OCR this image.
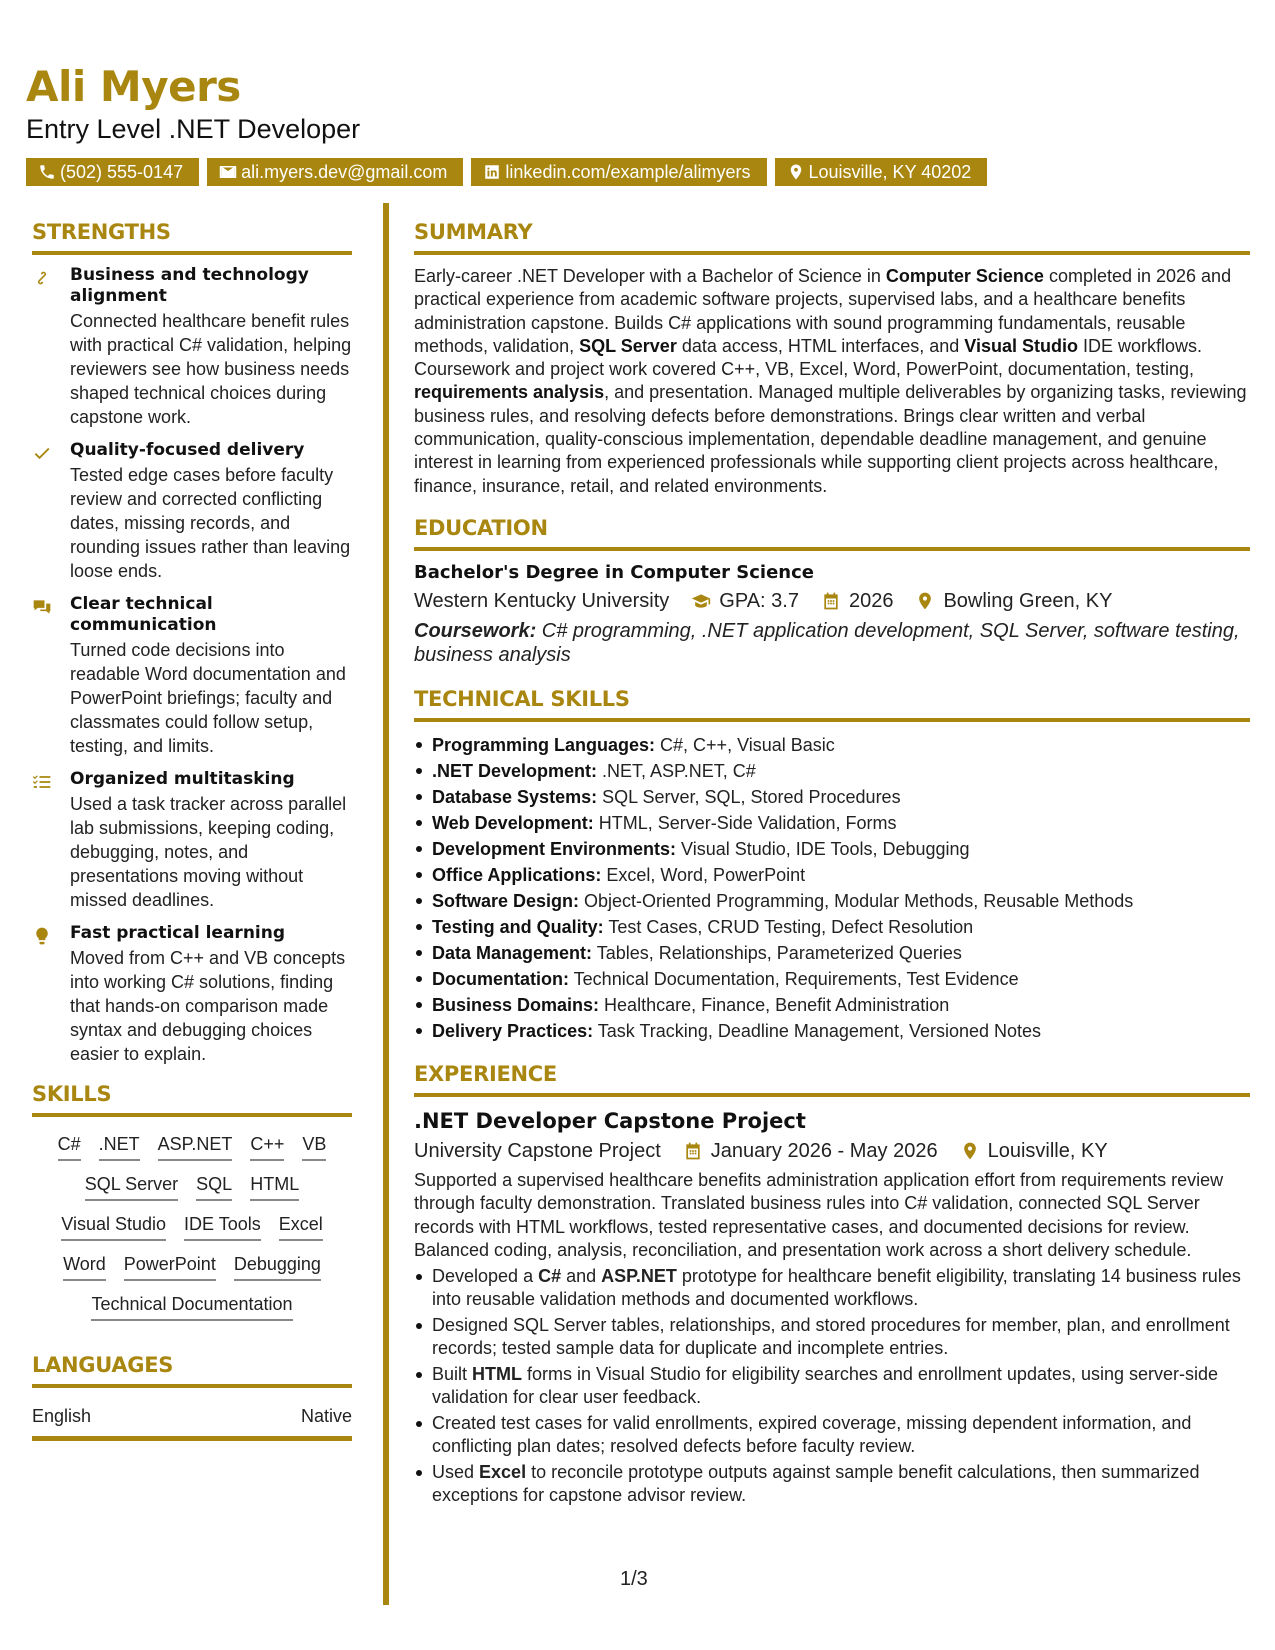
Ali Myers
Entry Level .NET Developer
(502) 555-0147	ali.myers.dev@gmail.com	linkedin.com/example/alimyers	Louisville, KY 40202
STRENGTHS
Business and technology alignment
Connected healthcare benefit rules with practical C# validation, helping reviewers see how business needs shaped technical choices during capstone work.
Quality-focused delivery
Tested edge cases before faculty review and corrected conflicting dates, missing records, and rounding issues rather than leaving loose ends.
Clear technical communication
Turned code decisions into readable Word documentation and PowerPoint briefings; faculty and classmates could follow setup, testing, and limits.
Organized multitasking
Used a task tracker across parallel lab submissions, keeping coding, debugging, notes, and presentations moving without missed deadlines.
Fast practical learning
Moved from C++ and VB concepts into working C# solutions, finding that hands-on comparison made syntax and debugging choices easier to explain.
SKILLS
C# .NET ASP.NET C++ VB
SQL Server SQL HTML
Visual Studio IDE Tools Excel
Word PowerPoint Debugging
Technical Documentation
LANGUAGES
English	Native
SUMMARY

Early-career .NET Developer with a Bachelor of Science in Computer Science completed in 2026 and practical experience from academic software projects, supervised labs, and a healthcare benefits administration capstone. Builds C# applications with sound programming fundamentals, reusable methods, validation, SQL Server data access, HTML interfaces, and Visual Studio IDE workflows. Coursework and project work covered C++, VB, Excel, Word, PowerPoint, documentation, testing, requirements analysis, and presentation. Managed multiple deliverables by organizing tasks, reviewing business rules, and resolving defects before demonstrations. Brings clear written and verbal communication, quality-conscious implementation, dependable deadline management, and genuine interest in learning from experienced professionals while supporting client projects across healthcare, finance, insurance, retail, and related environments.

EDUCATION
Bachelor's Degree in Computer Science
Western Kentucky University	GPA: 3.7	2026	Bowling Green, KY
Coursework: C# programming, .NET application development, SQL Server, software testing, business analysis
TECHNICAL SKILLS
Programming Languages: C#, C++, Visual Basic
.NET Development: .NET, ASP.NET, C#
Database Systems: SQL Server, SQL, Stored Procedures
Web Development: HTML, Server-Side Validation, Forms
Development Environments: Visual Studio, IDE Tools, Debugging
Office Applications: Excel, Word, PowerPoint
Software Design: Object-Oriented Programming, Modular Methods, Reusable Methods
Testing and Quality: Test Cases, CRUD Testing, Defect Resolution
Data Management: Tables, Relationships, Parameterized Queries
Documentation: Technical Documentation, Requirements, Test Evidence
Business Domains: Healthcare, Finance, Benefit Administration
Delivery Practices: Task Tracking, Deadline Management, Versioned Notes
EXPERIENCE
.NET Developer Capstone Project
University Capstone Project	January 2026 - May 2026	Louisville, KY
Supported a supervised healthcare benefits administration application effort from requirements review through faculty demonstration. Translated business rules into C# validation, connected SQL Server records with HTML workflows, tested representative cases, and documented decisions for review. Balanced coding, analysis, reconciliation, and presentation work across a short delivery schedule.
Developed a C# and ASP.NET prototype for healthcare benefit eligibility, translating 14 business rules into reusable validation methods and documented workflows.
Designed SQL Server tables, relationships, and stored procedures for member, plan, and enrollment records; tested sample data for duplicate and incomplete entries.
Built HTML forms in Visual Studio for eligibility searches and enrollment updates, using server-side validation for clear user feedback.
Created test cases for valid enrollments, expired coverage, missing dependent information, and conflicting plan dates; resolved defects before faculty review.
Used Excel to reconcile prototype outputs against sample benefit calculations, then summarized exceptions for capstone advisor review.
1/3
